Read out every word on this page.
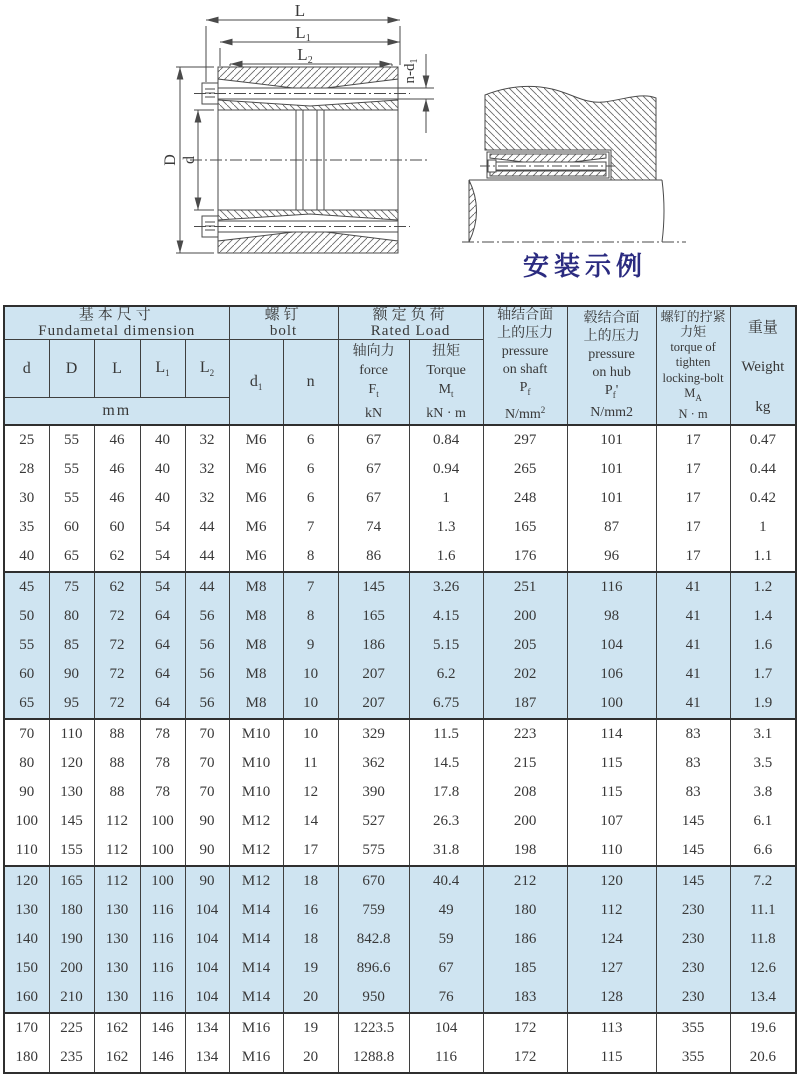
L
L1
L2
$n-d_1$
D d
安装示例
基本尺寸
Fundametal dimension

螺钉
bolt

额定负荷
Rated Load

轴结合面
上的压力
pressure
on shaft
$P_f$
$N/mm^2$

毂结合面
上的压力
pressure
on hub
$P_f'$
N/mm2

螺钉的拧紧
力矩
torque of
tighten
locking-bolt
$M_A$
N · m

重量
Weight
kg

d	D	L	$L_1$	$L_2$	$d_1$	n	
轴向力
force
$F_t$
kN

扭矩
Torque
$M_t$
kN · m

mm												
25	55	46	40	32	M6	6	67	0.84	297	101	17	0.47
28	55	46	40	32	M6	6	67	0.94	265	101	17	0.44
30	55	46	40	32	M6	6	67	1	248	101	17	0.42
35	60	60	54	44	M6	7	74	1.3	165	87	17	1
40	65	62	54	44	M6	8	86	1.6	176	96	17	1.1
45	75	62	54	44	M8	7	145	3.26	251	116	41	1.2
50	80	72	64	56	M8	8	165	4.15	200	98	41	1.4
55	85	72	64	56	M8	9	186	5.15	205	104	41	1.6
60	90	72	64	56	M8	10	207	6.2	202	106	41	1.7
65	95	72	64	56	M8	10	207	6.75	187	100	41	1.9
70	110	88	78	70	M10	10	329	11.5	223	114	83	3.1
80	120	88	78	70	M10	11	362	14.5	215	115	83	3.5
90	130	88	78	70	M10	12	390	17.8	208	115	83	3.8
100	145	112	100	90	M12	14	527	26.3	200	107	145	6.1
110	155	112	100	90	M12	17	575	31.8	198	110	145	6.6
120	165	112	100	90	M12	18	670	40.4	212	120	145	7.2
130	180	130	116	104	M14	16	759	49	180	112	230	11.1
140	190	130	116	104	M14	18	842.8	59	186	124	230	11.8
150	200	130	116	104	M14	19	896.6	67	185	127	230	12.6
160	210	130	116	104	M14	20	950	76	183	128	230	13.4
170	225	162	146	134	M16	19	1223.5	104	172	113	355	19.6
180	235	162	146	134	M16	20	1288.8	116	172	115	355	20.6
